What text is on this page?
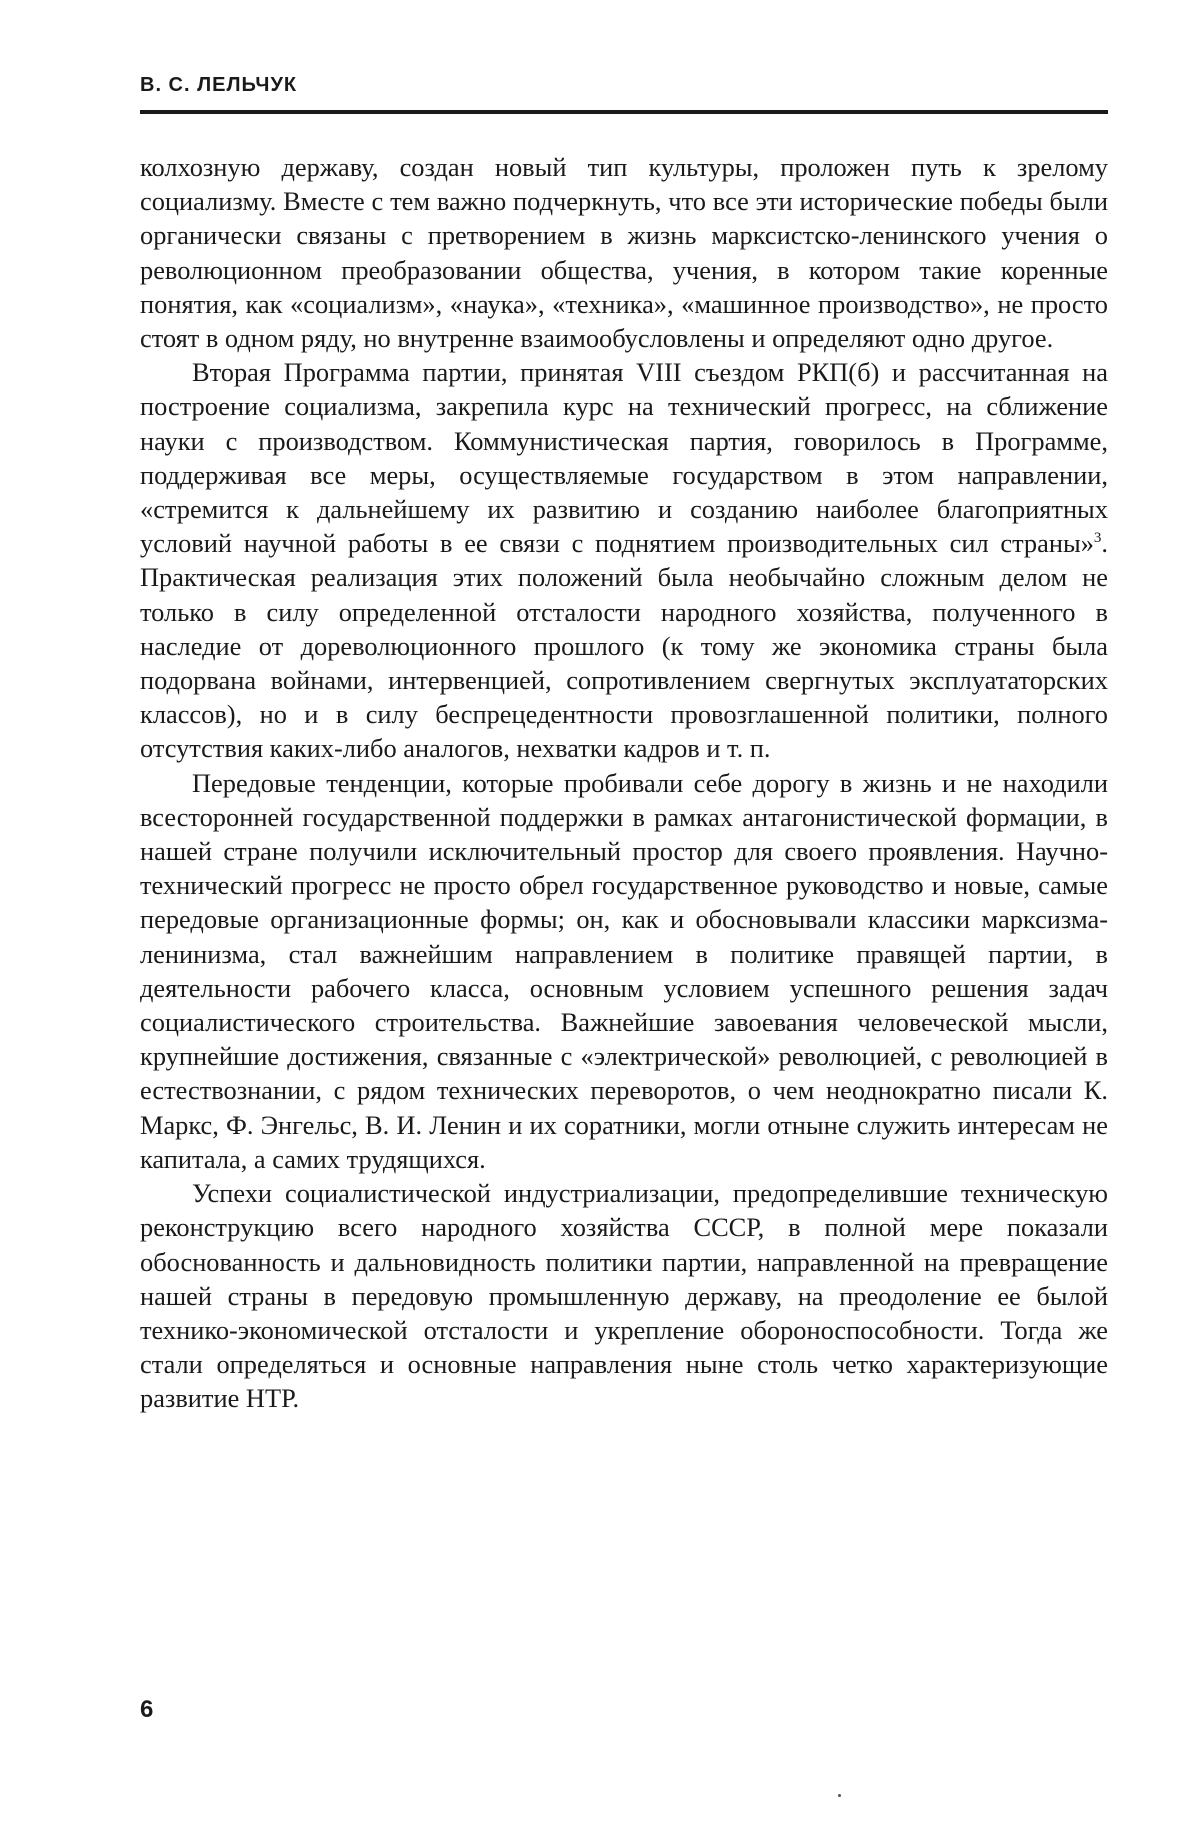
В. С. ЛЕЛЬЧУК

колхозную державу, создан новый тип культуры, проложен путь к зрелому социализму. Вместе с тем важно подчеркнуть, что все эти исторические победы были органически связаны с претворением в жизнь марксистско-ленинского учения о революционном преобразовании общества, учения, в котором такие коренные понятия, как «социализм», «наука», «техника», «машинное производство», не просто стоят в одном ряду, но внутренне взаимообусловлены и определяют одно другое.

Вторая Программа партии, принятая VIII съездом РКП(б) и рассчитанная на построение социализма, закрепила курс на технический прогресс, на сближение науки с производством. Коммунистическая партия, говорилось в Программе, поддерживая все меры, осуществляемые государством в этом направлении, «стремится к дальнейшему их развитию и созданию наиболее благоприятных условий научной работы в ее связи с поднятием производительных сил страны»$^3$. Практическая реализация этих положений была необычайно сложным делом не только в силу определенной отсталости народного хозяйства, полученного в наследие от дореволюционного прошлого (к тому же экономика страны была подорвана войнами, интервенцией, сопротивлением свергнутых эксплуататорских классов), но и в силу беспрецедентности провозглашенной политики, полного отсутствия каких-либо аналогов, нехватки кадров и т. п.

Передовые тенденции, которые пробивали себе дорогу в жизнь и не находили всесторонней государственной поддержки в рамках антагонистической формации, в нашей стране получили исключительный простор для своего проявления. Научно-технический прогресс не просто обрел государственное руководство и новые, самые передовые организационные формы; он, как и обосновывали классики марксизма-ленинизма, стал важнейшим направлением в политике правящей партии, в деятельности рабочего класса, основным условием успешного решения задач социалистического строительства. Важнейшие завоевания человеческой мысли, крупнейшие достижения, связанные с «электрической» революцией, с революцией в естествознании, с рядом технических переворотов, о чем неоднократно писали К. Маркс, Ф. Энгельс, В. И. Ленин и их соратники, могли отныне служить интересам не капитала, а самих трудящихся.

Успехи социалистической индустриализации, предопределившие техническую реконструкцию всего народного хозяйства СССР, в полной мере показали обоснованность и дальновидность политики партии, направленной на превращение нашей страны в передовую промышленную державу, на преодоление ее былой технико-экономической отсталости и укрепление обороноспособности. Тогда же стали определяться и основные направления ныне столь четко характеризующие развитие НТР.

6
